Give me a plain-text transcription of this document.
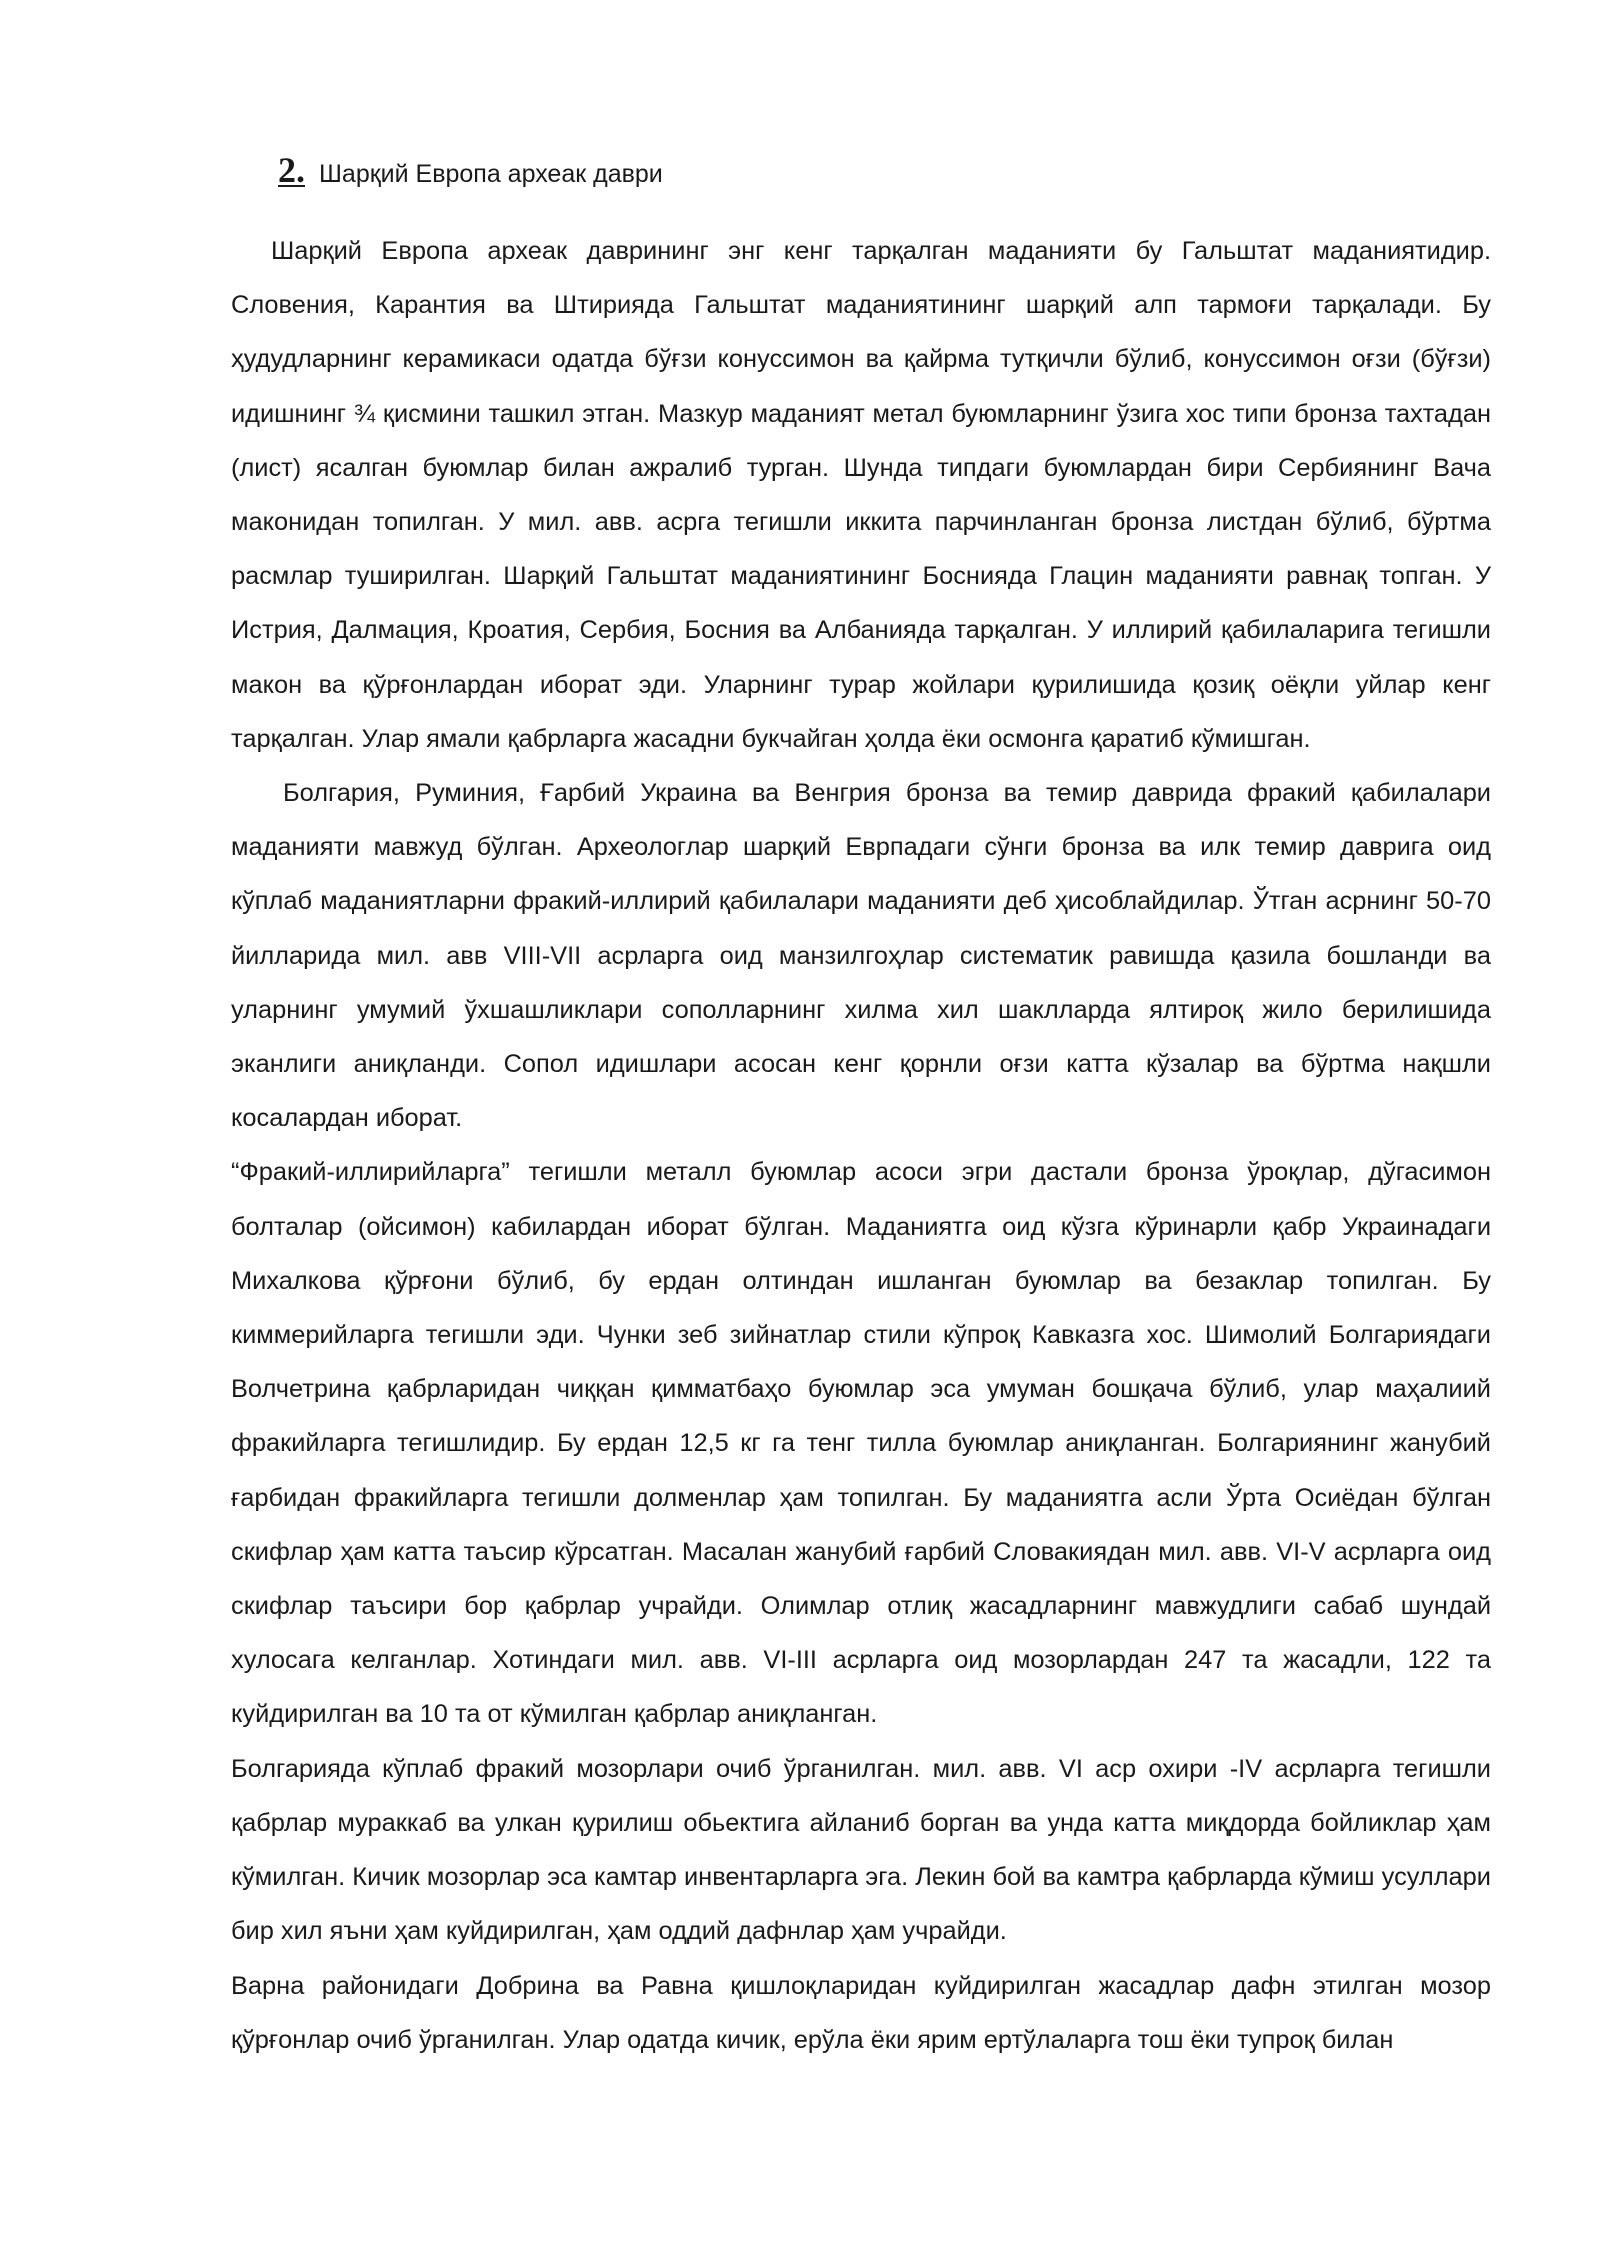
2. Шарқий Европа археак даври

Шарқий Европа археак даврининг энг кенг тарқалган маданияти бу Гальштат маданиятидир. Словения, Карантия ва Штирияда Гальштат маданиятининг шарқий алп тармоғи тарқалади. Бу ҳудудларнинг керамикаси одатда бўғзи конуссимон ва қайрма тутқичли бўлиб, конуссимон оғзи (бўғзи) идишнинг ¾ қисмини ташкил этган. Мазкур маданият метал буюмларнинг ўзига хос типи бронза тахтадан (лист) ясалган буюмлар билан ажралиб турган. Шунда типдаги буюмлардан бири Сербиянинг Вача маконидан топилган. У мил. авв. асрга тегишли иккита парчинланган бронза листдан бўлиб, бўртма расмлар туширилган. Шарқий Гальштат маданиятининг Боснияда Глацин маданияти равнақ топган. У Истрия, Далмация, Кроатия, Сербия, Босния ва Албанияда тарқалган. У иллирий қабилаларига тегишли макон ва қўрғонлардан иборат эди. Уларнинг турар жойлари қурилишида қозиқ оёқли уйлар кенг тарқалган. Улар ямали қабрларга жасадни букчайган ҳолда ёки осмонга қаратиб кўмишган.

Болгария, Руминия, Ғарбий Украина ва Венгрия бронза ва темир даврида фракий қабилалари маданияти мавжуд бўлган. Археологлар шарқий Еврпадаги сўнги бронза ва илк темир даврига оид кўплаб маданиятларни фракий-иллирий қабилалари маданияти деб ҳисоблайдилар. Ўтган асрнинг 50-70 йилларида мил. авв VIII-VII асрларга оид манзилгоҳлар систематик равишда қазила бошланди ва уларнинг умумий ўхшашликлари сополларнинг хилма хил шаклларда ялтироқ жило берилишида эканлиги аниқланди. Сопол идишлари асосан кенг қорнли оғзи катта кўзалар ва бўртма нақшли косалардан иборат.

“Фракий-иллирийларга” тегишли металл буюмлар асоси эгри дастали бронза ўроқлар, дўгасимон болталар (ойсимон) кабилардан иборат бўлган. Маданиятга оид кўзга кўринарли қабр Украинадаги Михалкова қўрғони бўлиб, бу ердан олтиндан ишланган буюмлар ва безаклар топилган. Бу киммерийларга тегишли эди. Чунки зеб зийнатлар стили кўпроқ Кавказга хос. Шимолий Болгариядаги Волчетрина қабрларидан чиққан қимматбаҳо буюмлар эса умуман бошқача бўлиб, улар маҳалиий фракийларга тегишлидир. Бу ердан 12,5 кг га тенг тилла буюмлар аниқланган. Болгариянинг жанубий ғарбидан фракийларга тегишли долменлар ҳам топилган. Бу маданиятга асли Ўрта Осиёдан бўлган скифлар ҳам катта таъсир кўрсатган. Масалан жанубий ғарбий Словакиядан мил. авв. VI-V асрларга оид скифлар таъсири бор қабрлар учрайди. Олимлар отлиқ жасадларнинг мавжудлиги сабаб шундай хулосага келганлар. Хотиндаги мил. авв. VI-III асрларга оид мозорлардан 247 та жасадли, 122 та куйдирилган ва 10 та от кўмилган қабрлар аниқланган.

Болгарияда кўплаб фракий мозорлари очиб ўрганилган. мил. авв. VI аср охири -IV асрларга тегишли қабрлар мураккаб ва улкан қурилиш обьектига айланиб борган ва унда катта миқдорда бойликлар ҳам кўмилган. Кичик мозорлар эса камтар инвентарларга эга. Лекин бой ва камтра қабрларда кўмиш усуллари бир хил яъни ҳам куйдирилган, ҳам оддий дафнлар ҳам учрайди.

Варна районидаги Добрина ва Равна қишлоқларидан куйдирилган жасадлар дафн этилган мозор қўрғонлар очиб ўрганилган. Улар одатда кичик, ерўла ёки ярим ертўлаларга тош ёки тупроқ билан
